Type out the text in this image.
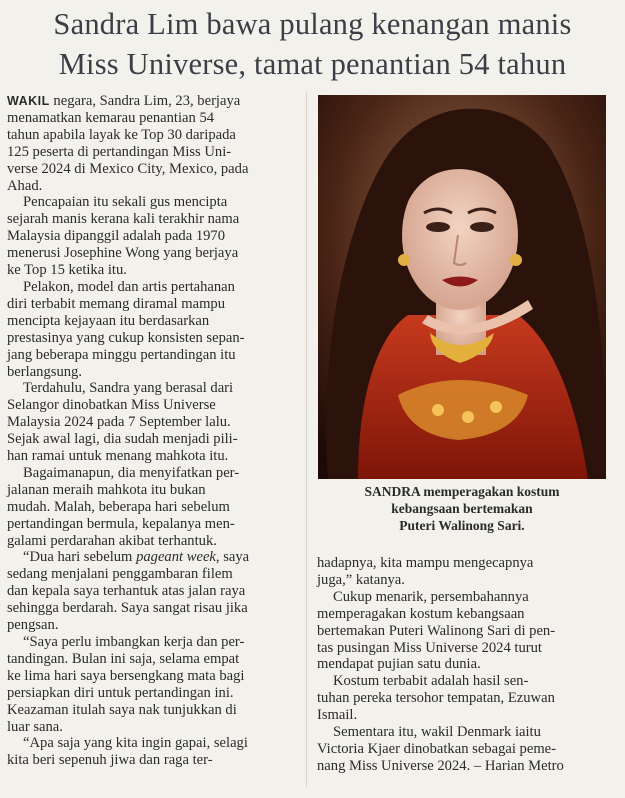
Sandra Lim bawa pulang kenangan manis
Miss Universe, tamat penantian 54 tahun

WAKIL negara, Sandra Lim, 23, berjaya
menamatkan kemarau penantian 54
tahun apabila layak ke Top 30 daripada
125 peserta di pertandingan Miss Uni-
verse 2024 di Mexico City, Mexico, pada
Ahad.

Pencapaian itu sekali gus mencipta
sejarah manis kerana kali terakhir nama
Malaysia dipanggil adalah pada 1970
menerusi Josephine Wong yang berjaya
ke Top 15 ketika itu.

Pelakon, model dan artis pertahanan
diri terbabit memang diramal mampu
mencipta kejayaan itu berdasarkan
prestasinya yang cukup konsisten sepan-
jang beberapa minggu pertandingan itu
berlangsung.

Terdahulu, Sandra yang berasal dari
Selangor dinobatkan Miss Universe
Malaysia 2024 pada 7 September lalu.
Sejak awal lagi, dia sudah menjadi pili-
han ramai untuk menang mahkota itu.

Bagaimanapun, dia menyifatkan per-
jalanan meraih mahkota itu bukan
mudah. Malah, beberapa hari sebelum
pertandingan bermula, kepalanya men-
galami perdarahan akibat terhantuk.

“Dua hari sebelum pageant week, saya
sedang menjalani penggambaran filem
dan kepala saya terhantuk atas jalan raya
sehingga berdarah. Saya sangat risau jika
pengsan.

“Saya perlu imbangkan kerja dan per-
tandingan. Bulan ini saja, selama empat
ke lima hari saya bersengkang mata bagi
persiapkan diri untuk pertandingan ini.
Keazaman itulah saya nak tunjukkan di
luar sana.

“Apa saja yang kita ingin gapai, selagi
kita beri sepenuh jiwa dan raga ter-

SANDRA memperagakan kostum
kebangsaan bertemakan
Puteri Walinong Sari.

hadapnya, kita mampu mengecapnya
juga,” katanya.

Cukup menarik, persembahannya
memperagakan kostum kebangsaan
bertemakan Puteri Walinong Sari di pen-
tas pusingan Miss Universe 2024 turut
mendapat pujian satu dunia.

Kostum terbabit adalah hasil sen-
tuhan pereka tersohor tempatan, Ezuwan
Ismail.

Sementara itu, wakil Denmark iaitu
Victoria Kjaer dinobatkan sebagai peme-
nang Miss Universe 2024. – Harian Metro
